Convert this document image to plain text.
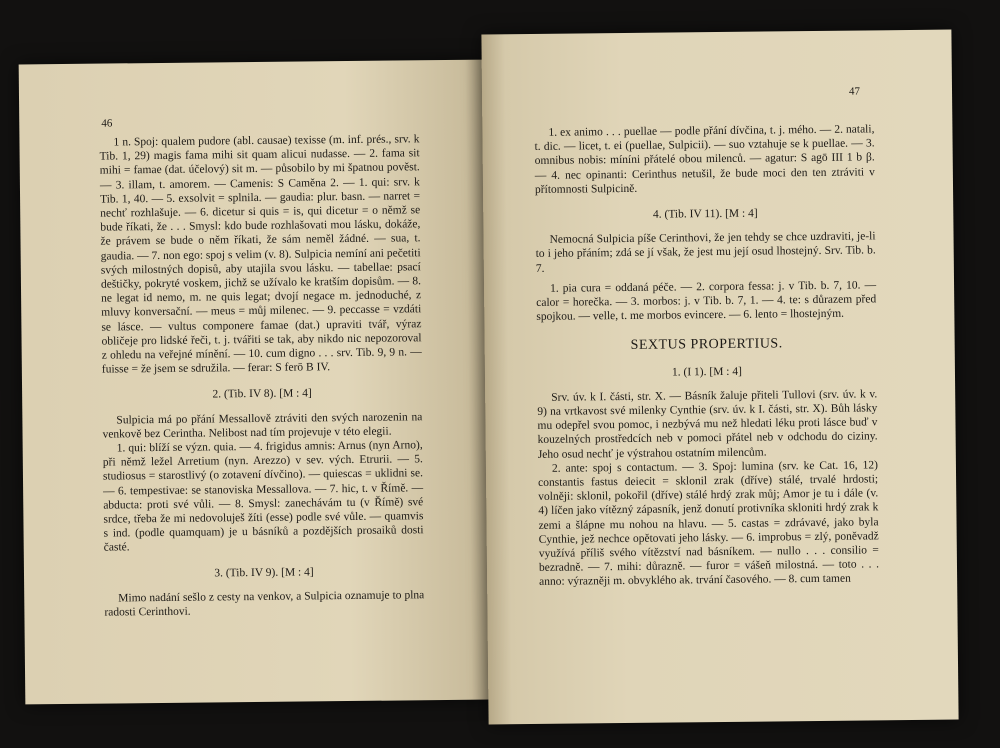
46

1 n. Spoj: qualem pudore (abl. causae) texisse (m. inf. prés., srv. k Tib. 1, 29) magis fama mihi sit quam alicui nudasse. — 2. fama sit mihi = famae (dat. účelový) sit m. — působilo by mi špatnou pověst. — 3. illam, t. amorem. — Camenis: S Caměna 2. — 1. qui: srv. k Tib. 1, 40. — 5. exsolvit = splnila. — gaudia: plur. basn. — narret = nechť rozhlašuje. — 6. dicetur si quis = is, qui dicetur = o němž se bude říkati, že . . . Smysl: kdo bude rozhlašovati mou lásku, dokáže, že právem se bude o něm říkati, že sám neměl žádné. — sua, t. gaudia. — 7. non ego: spoj s velim (v. 8). Sulpicia nemíní ani pečetiti svých milostných dopisů, aby utajila svou lásku. — tabellae: psací deštičky, pokryté voskem, jichž se užívalo ke kratším dopisům. — 8. ne legat id nemo, m. ne quis legat; dvojí negace m. jednoduché, z mluvy konversační. — meus = můj milenec. — 9. peccasse = vzdáti se lásce. — vultus componere famae (dat.) upraviti tvář, výraz obličeje pro lidské řeči, t. j. tvářiti se tak, aby nikdo nic nepozoroval z ohledu na veřejné mínění. — 10. cum digno . . . srv. Tib. 9, 9 n. — fuisse = že jsem se sdružila. — ferar: S ferō B IV.

2. (Tib. IV 8). [M : 4]

Sulpicia má po přání Messallově ztráviti den svých narozenin na venkově bez Cerintha. Nelibost nad tím projevuje v této elegii.

1. qui: blíží se význ. quia. — 4. frigidus amnis: Arnus (nyn Arno), při němž ležel Arretium (nyn. Arezzo) v sev. vých. Etrurii. — 5. studiosus = starostlivý (o zotavení dívčino). — quiescas = uklidni se. — 6. tempestivae: se stanoviska Messallova. — 7. hic, t. v Římě. — abducta: proti své vůli. — 8. Smysl: zanechávám tu (v Římě) své srdce, třeba že mi nedovoluješ žíti (esse) podle své vůle. — quamvis s ind. (podle quamquam) je u básníků a pozdějších prosaiků dosti časté.

3. (Tib. IV 9). [M : 4]

Mimo nadání sešlo z cesty na venkov, a Sulpicia oznamuje to plna radosti Cerinthovi.

47

1. ex animo . . . puellae — podle přání dívčina, t. j. mého. — 2. natali, t. dic. — licet, t. ei (puellae, Sulpicii). — suo vztahuje se k puellae. — 3. omnibus nobis: míníni přátelé obou milenců. — agatur: S agō III 1 b β. — 4. nec opinanti: Cerinthus netušil, že bude moci den ten ztráviti v přítomnosti Sulpicině.

4. (Tib. IV 11). [M : 4]

Nemocná Sulpicia píše Cerinthovi, že jen tehdy se chce uzdraviti, je-li to i jeho přáním; zdá se jí však, že jest mu její osud lhostejný. Srv. Tib. b. 7.

1. pia cura = oddaná péče. — 2. corpora fessa: j. v Tib. b. 7, 10. — calor = horečka. — 3. morbos: j. v Tib. b. 7, 1. — 4. te: s důrazem před spojkou. — velle, t. me morbos evincere. — 6. lento = lhostejným.

SEXTUS PROPERTIUS.

1. (I 1). [M : 4]

Srv. úv. k I. části, str. X. — Básník žaluje přiteli Tullovi (srv. úv. k v. 9) na vrtkavost své milenky Cynthie (srv. úv. k I. části, str. X). Bůh lásky mu odepřel svou pomoc, i nezbývá mu než hledati léku proti lásce buď v kouzelných prostředcích neb v pomoci přátel neb v odchodu do ciziny. Jeho osud nechť je výstrahou ostatním milencům.

2. ante: spoj s contactum. — 3. Spoj: lumina (srv. ke Cat. 16, 12) constantis fastus deiecit = sklonil zrak (dříve) stálé, trvalé hrdosti; volněji: sklonil, pokořil (dříve) stálé hrdý zrak můj; Amor je tu i dále (v. 4) líčen jako vítězný zápasník, jenž donutí protivníka skloniti hrdý zrak k zemi a šlápne mu nohou na hlavu. — 5. castas = zdrávavé, jako byla Cynthie, jež nechce opětovati jeho lásky. — 6. improbus = zlý, poněvadž využívá příliš svého vítězství nad básníkem. — nullo . . . consilio = bezradně. — 7. mihi: důrazně. — furor = vášeň milostná. — toto . . . anno: výrazněji m. obvyklého ak. trvání časového. — 8. cum tamen
